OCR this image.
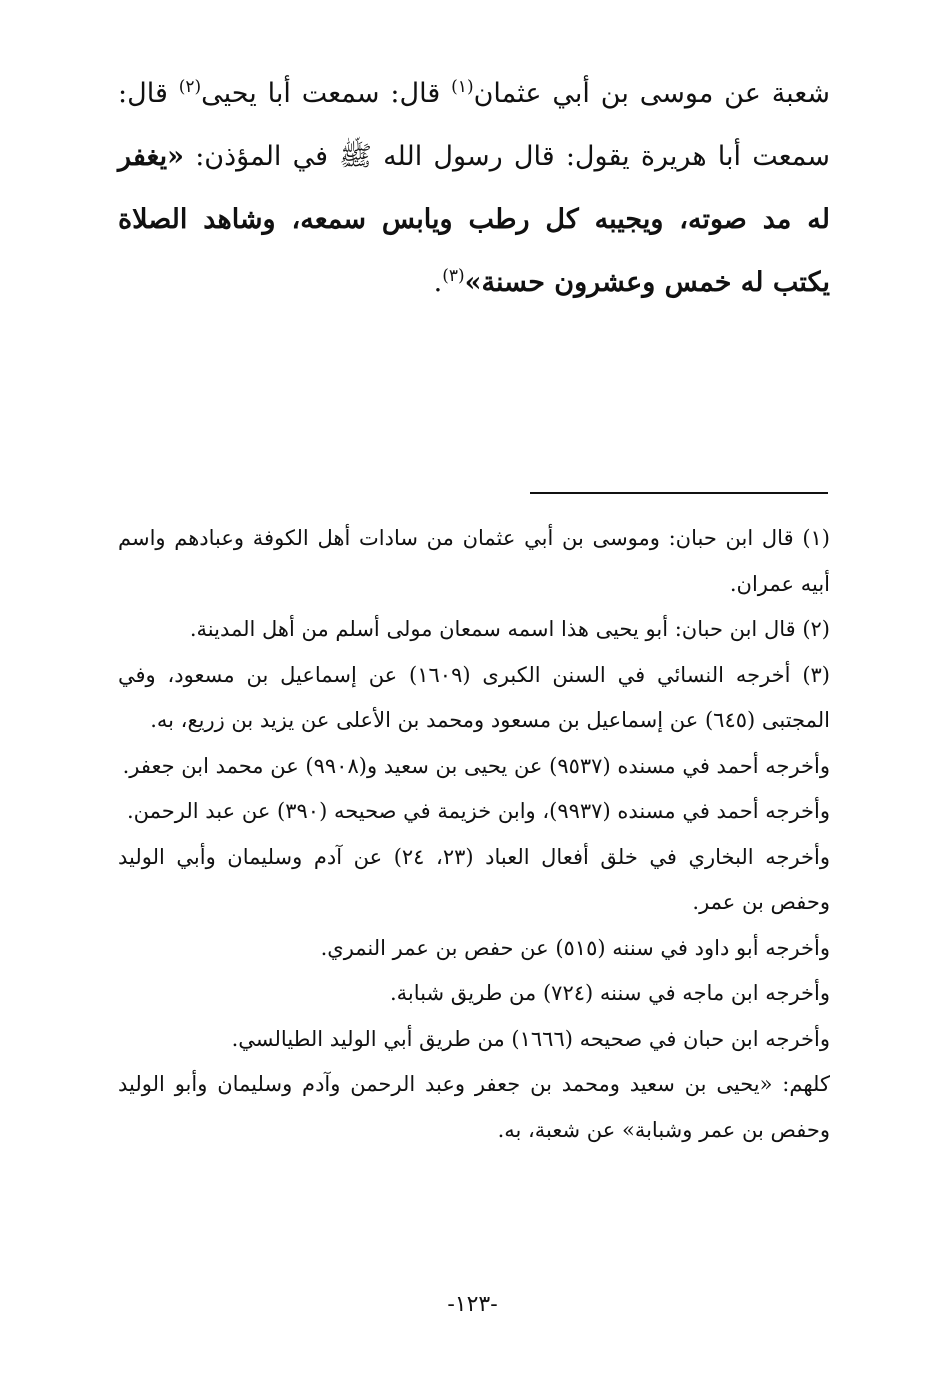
شعبة عن موسى بن أبي عثمان$^{(١)}$ قال: سمعت أبا يحيى$^{(٢)}$ قال: سمعت أبا هريرة يقول: قال رسول الله ﷺ في المؤذن: «يغفر له مد صوته، ويجيبه كل رطب ويابس سمعه، وشاهد الصلاة يكتب له خمس وعشرون حسنة»$^{(٣)}$.
(١) قال ابن حبان: وموسى بن أبي عثمان من سادات أهل الكوفة وعبادهم واسم أبيه عمران.
(٢) قال ابن حبان: أبو يحيى هذا اسمه سمعان مولى أسلم من أهل المدينة.
(٣) أخرجه النسائي في السنن الكبرى (١٦٠٩) عن إسماعيل بن مسعود، وفي المجتبى (٦٤٥) عن إسماعيل بن مسعود ومحمد بن الأعلى عن يزيد بن زريع، به.
وأخرجه أحمد في مسنده (٩٥٣٧) عن يحيى بن سعيد و(٩٩٠٨) عن محمد ابن جعفر.
وأخرجه أحمد في مسنده (٩٩٣٧)، وابن خزيمة في صحيحه (٣٩٠) عن عبد الرحمن.
وأخرجه البخاري في خلق أفعال العباد (٢٣، ٢٤) عن آدم وسليمان وأبي الوليد وحفص بن عمر.
وأخرجه أبو داود في سننه (٥١٥) عن حفص بن عمر النمري.
وأخرجه ابن ماجه في سننه (٧٢٤) من طريق شبابة.
وأخرجه ابن حبان في صحيحه (١٦٦٦) من طريق أبي الوليد الطيالسي.
كلهم: «يحيى بن سعيد ومحمد بن جعفر وعبد الرحمن وآدم وسليمان وأبو الوليد وحفص بن عمر وشبابة» عن شعبة، به.
-١٢٣-
